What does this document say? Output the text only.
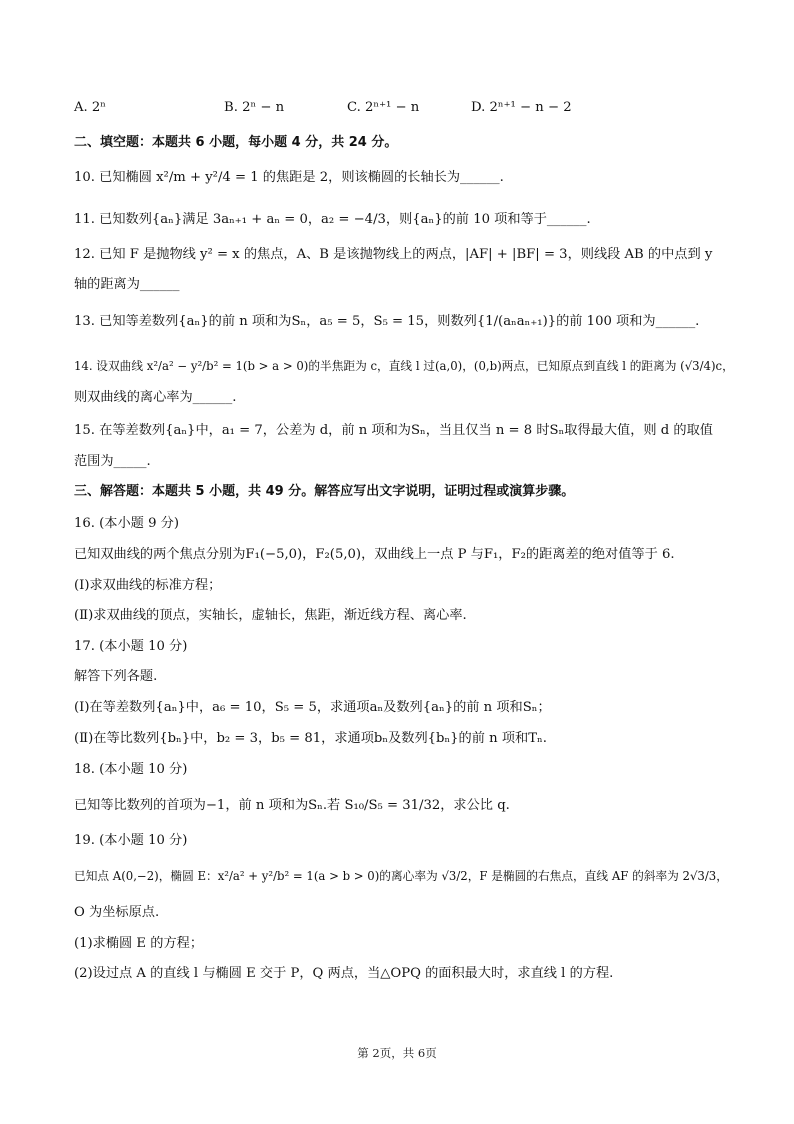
A. 2ⁿ	B. 2ⁿ − n	C. 2ⁿ⁺¹ − n	D. 2ⁿ⁺¹ − n − 2
二、填空题：本题共 6 小题，每小题 4 分，共 24 分。
10. 已知椭圆 x²/m + y²/4 = 1 的焦距是 2，则该椭圆的长轴长为______.
11. 已知数列{aₙ}满足 3aₙ₊₁ + aₙ = 0，a₂ = −4/3，则{aₙ}的前 10 项和等于______.
12. 已知 F 是抛物线 y² = x 的焦点，A、B 是该抛物线上的两点，|AF| + |BF| = 3，则线段 AB 的中点到 y
轴的距离为______
13. 已知等差数列{aₙ}的前 n 项和为Sₙ，a₅ = 5，S₅ = 15，则数列{1/(aₙaₙ₊₁)}的前 100 项和为______.
14. 设双曲线 x²/a² − y²/b² = 1(b > a > 0)的半焦距为 c，直线 l 过(a,0)，(0,b)两点，已知原点到直线 l 的距离为 (√3/4)c，
则双曲线的离心率为______.
15. 在等差数列{aₙ}中，a₁ = 7，公差为 d，前 n 项和为Sₙ，当且仅当 n = 8 时Sₙ取得最大值，则 d 的取值
范围为_____.
三、解答题：本题共 5 小题，共 49 分。解答应写出文字说明，证明过程或演算步骤。
16. (本小题 9 分)
已知双曲线的两个焦点分别为F₁(−5,0)，F₂(5,0)，双曲线上一点 P 与F₁，F₂的距离差的绝对值等于 6.
(Ⅰ)求双曲线的标准方程；
(Ⅱ)求双曲线的顶点，实轴长，虚轴长，焦距，渐近线方程、离心率.
17. (本小题 10 分)
解答下列各题.
(Ⅰ)在等差数列{aₙ}中，a₆ = 10，S₅ = 5，求通项aₙ及数列{aₙ}的前 n 项和Sₙ；
(Ⅱ)在等比数列{bₙ}中，b₂ = 3，b₅ = 81，求通项bₙ及数列{bₙ}的前 n 项和Tₙ.
18. (本小题 10 分)
已知等比数列的首项为−1，前 n 项和为Sₙ.若 S₁₀/S₅ = 31/32，求公比 q.
19. (本小题 10 分)
已知点 A(0,−2)，椭圆 E：x²/a² + y²/b² = 1(a > b > 0)的离心率为 √3/2，F 是椭圆的右焦点，直线 AF 的斜率为 2√3/3，
O 为坐标原点.
(1)求椭圆 E 的方程；
(2)设过点 A 的直线 l 与椭圆 E 交于 P，Q 两点，当△OPQ 的面积最大时，求直线 l 的方程.
第 2页，共 6页
